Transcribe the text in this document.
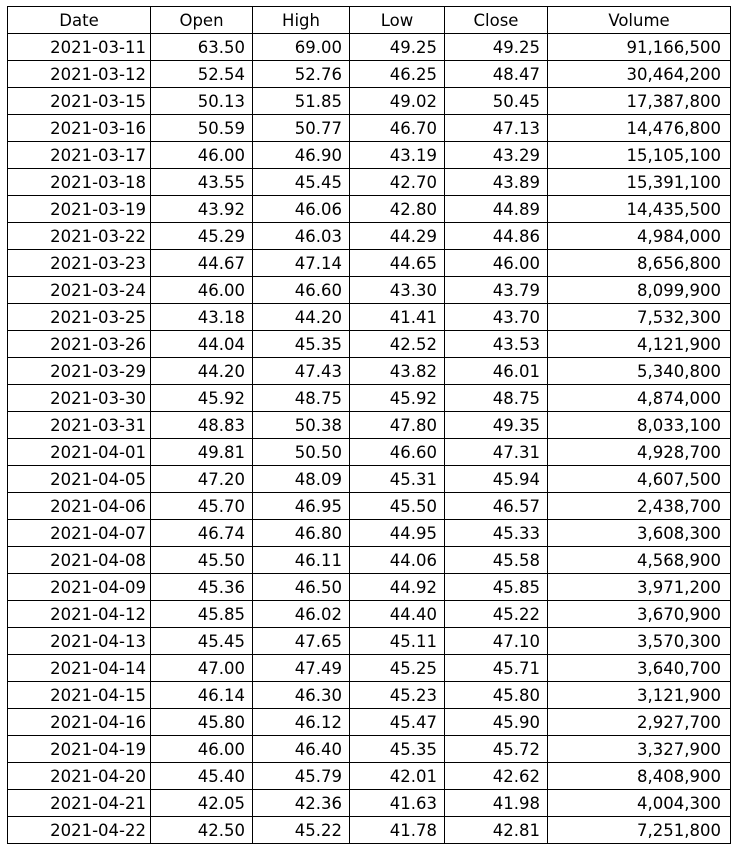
Date	Open	High	Low	Close	Volume
2021-03-11	63.50	69.00	49.25	49.25	91,166,500
2021-03-12	52.54	52.76	46.25	48.47	30,464,200
2021-03-15	50.13	51.85	49.02	50.45	17,387,800
2021-03-16	50.59	50.77	46.70	47.13	14,476,800
2021-03-17	46.00	46.90	43.19	43.29	15,105,100
2021-03-18	43.55	45.45	42.70	43.89	15,391,100
2021-03-19	43.92	46.06	42.80	44.89	14,435,500
2021-03-22	45.29	46.03	44.29	44.86	4,984,000
2021-03-23	44.67	47.14	44.65	46.00	8,656,800
2021-03-24	46.00	46.60	43.30	43.79	8,099,900
2021-03-25	43.18	44.20	41.41	43.70	7,532,300
2021-03-26	44.04	45.35	42.52	43.53	4,121,900
2021-03-29	44.20	47.43	43.82	46.01	5,340,800
2021-03-30	45.92	48.75	45.92	48.75	4,874,000
2021-03-31	48.83	50.38	47.80	49.35	8,033,100
2021-04-01	49.81	50.50	46.60	47.31	4,928,700
2021-04-05	47.20	48.09	45.31	45.94	4,607,500
2021-04-06	45.70	46.95	45.50	46.57	2,438,700
2021-04-07	46.74	46.80	44.95	45.33	3,608,300
2021-04-08	45.50	46.11	44.06	45.58	4,568,900
2021-04-09	45.36	46.50	44.92	45.85	3,971,200
2021-04-12	45.85	46.02	44.40	45.22	3,670,900
2021-04-13	45.45	47.65	45.11	47.10	3,570,300
2021-04-14	47.00	47.49	45.25	45.71	3,640,700
2021-04-15	46.14	46.30	45.23	45.80	3,121,900
2021-04-16	45.80	46.12	45.47	45.90	2,927,700
2021-04-19	46.00	46.40	45.35	45.72	3,327,900
2021-04-20	45.40	45.79	42.01	42.62	8,408,900
2021-04-21	42.05	42.36	41.63	41.98	4,004,300
2021-04-22	42.50	45.22	41.78	42.81	7,251,800
